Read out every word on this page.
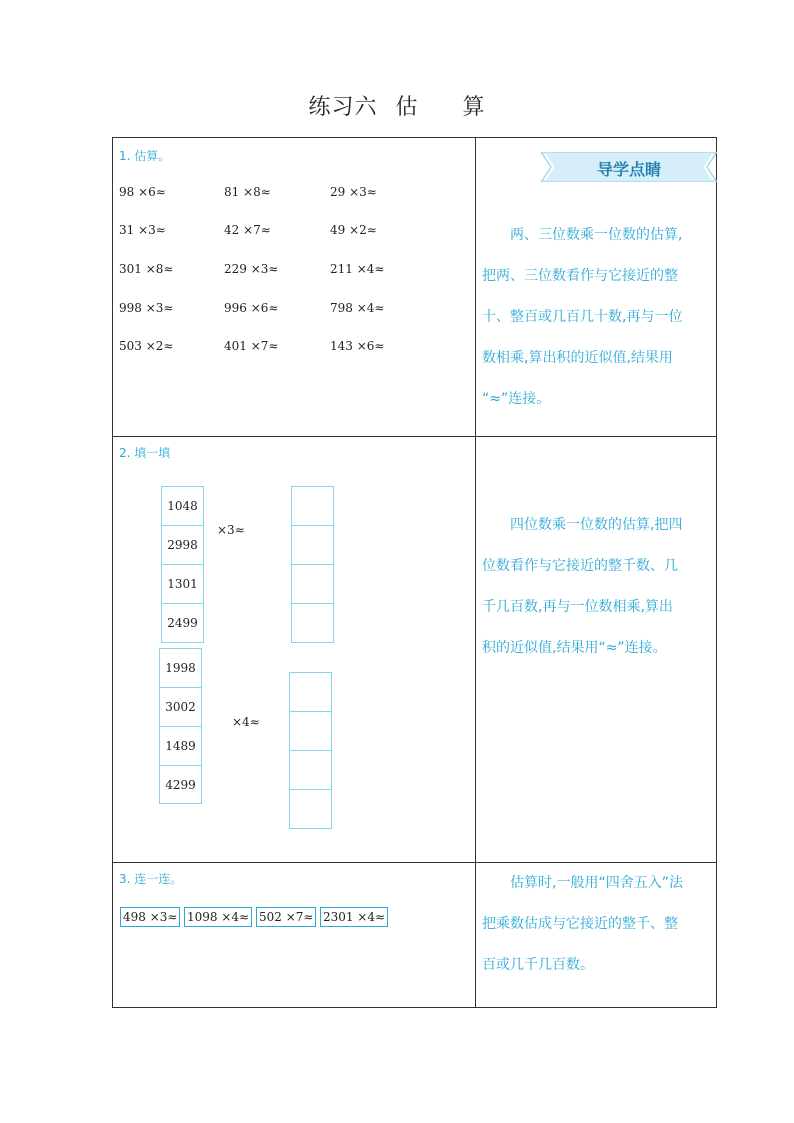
练习六 估 算
1. 估算。
98 ×6≈	81 ×8≈	29 ×3≈
31 ×3≈	42 ×7≈	49 ×2≈
301 ×8≈	229 ×3≈	211 ×4≈
998 ×3≈	996 ×6≈	798 ×4≈
503 ×2≈	401 ×7≈	143 ×6≈
导学点睛
两、三位数乘一位数的估算,
把两、三位数看作与它接近的整
十、整百或几百几十数,再与一位
数相乘,算出积的近似值,结果用
“≈”连接。
2. 填一填
1048
2998
1301
2499
×3≈
1998
3002
1489
4299
×4≈
四位数乘一位数的估算,把四
位数看作与它接近的整千数、几
千几百数,再与一位数相乘,算出
积的近似值,结果用“≈”连接。
3. 连一连。
498 ×3≈ 1098 ×4≈ 502 ×7≈ 2301 ×4≈
估算时,一般用“四舍五入”法
把乘数估成与它接近的整千、整
百或几千几百数。
